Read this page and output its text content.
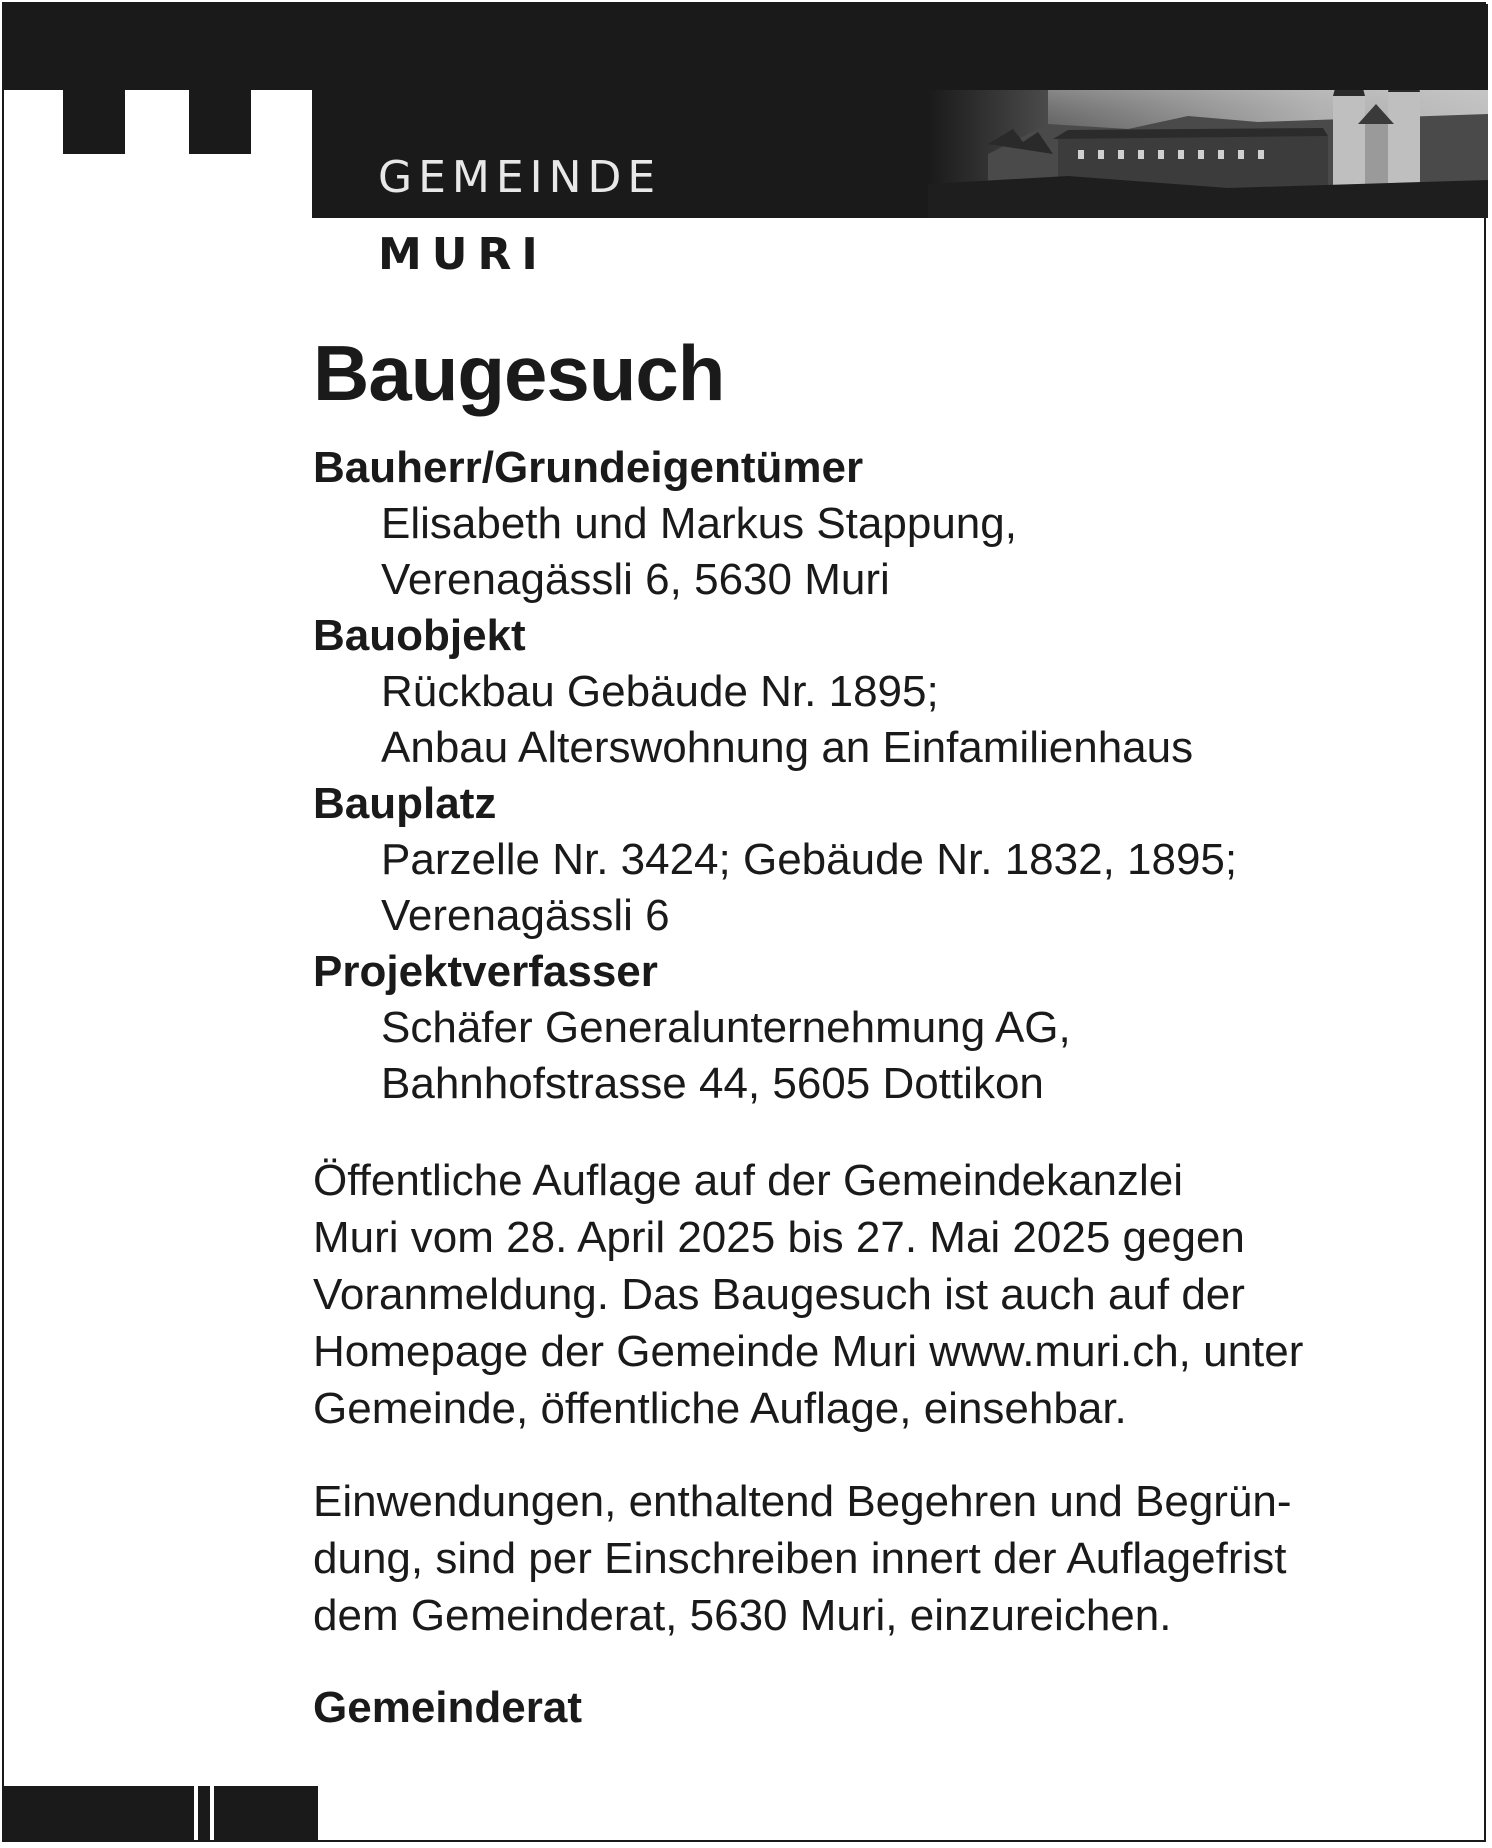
GEMEINDE
MURI
Baugesuch

Bauherr/Grundeigentümer

Elisabeth und Markus Stappung,

Verenagässli 6, 5630 Muri

Bauobjekt

Rückbau Gebäude Nr. 1895;

Anbau Alterswohnung an Einfamilienhaus

Bauplatz

Parzelle Nr. 3424; Gebäude Nr. 1832, 1895;

Verenagässli 6

Projektverfasser

Schäfer Generalunternehmung AG,

Bahnhofstrasse 44, 5605 Dottikon

Öffentliche Auflage auf der Gemeindekanzlei

Muri vom 28. April 2025 bis 27. Mai 2025 gegen

Voranmeldung. Das Baugesuch ist auch auf der

Homepage der Gemeinde Muri www.muri.ch, unter

Gemeinde, öffentliche Auflage, einsehbar.

Einwendungen, enthaltend Begehren und Begrün-

dung, sind per Einschreiben innert der Auflagefrist

dem Gemeinderat, 5630 Muri, einzureichen.

Gemeinderat
